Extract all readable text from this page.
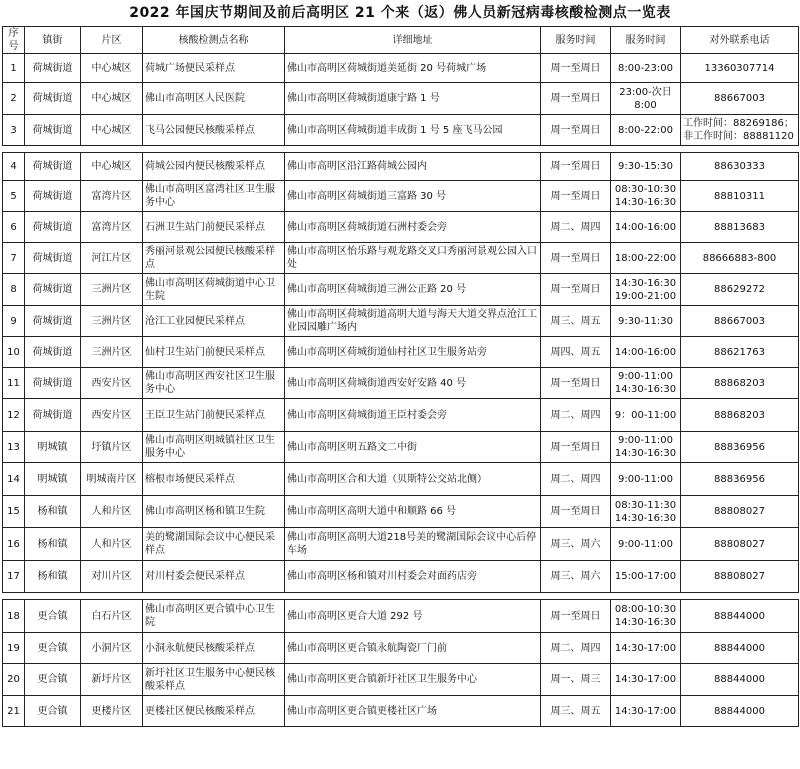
2022 年国庆节期间及前后高明区 21 个来（返）佛人员新冠病毒核酸检测点一览表
序号	镇街	片区	核酸检测点名称	详细地址	服务时间	服务时间	对外联系电话
1	荷城街道	中心城区	荷城广场便民采样点	佛山市高明区荷城街道美延街 20 号荷城广场	周一至周日	8:00-23:00	13360307714

2	荷城街道	中心城区	佛山市高明区人民医院	佛山市高明区荷城街道康宁路 1 号	周一至周日	23:00-次日
8:00	88667003

3	荷城街道	中心城区	飞马公园便民核酸采样点	佛山市高明区荷城街道丰成街 1 号 5 座飞马公园	周一至周日	8:00-22:00	工作时间：88269186；
非工作时间：88881120

4	荷城街道	中心城区	荷城公园内便民核酸采样点	佛山市高明区沿江路荷城公园内	周一至周日	9:30-15:30	88630333

5	荷城街道	富湾片区	佛山市高明区富湾社区卫生服务中心	佛山市高明区荷城街道三富路 30 号	周一至周日	08:30-10:30
14:30-16:30	88810311

6	荷城街道	富湾片区	石洲卫生站门前便民采样点	佛山市高明区荷城街道石洲村委会旁	周二、周四	14:00-16:00	88813683

7	荷城街道	河江片区	秀丽河景观公园便民核酸采样点	佛山市高明区怡乐路与观龙路交叉口秀丽河景观公园入口处	周一至周日	18:00-22:00	88666883-800

8	荷城街道	三洲片区	佛山市高明区荷城街道中心卫生院	佛山市高明区荷城街道三洲公正路 20 号	周一至周日	14:30-16:30
19:00-21:00	88629272

9	荷城街道	三洲片区	沧江工业园便民采样点	佛山市高明区荷城街道高明大道与海天大道交界点沧江工业园园雕广场内	周三、周五	9:30-11:30	88667003

10	荷城街道	三洲片区	仙村卫生站门前便民采样点	佛山市高明区荷城街道仙村社区卫生服务站旁	周四、周五	14:00-16:00	88621763

11	荷城街道	西安片区	佛山市高明区西安社区卫生服务中心	佛山市高明区荷城街道西安好安路 40 号	周一至周日	9:00-11:00
14:30-16:30	88868203

12	荷城街道	西安片区	王臣卫生站门前便民采样点	佛山市高明区荷城街道王臣村委会旁	周二、周四	9：00-11:00	88868203

13	明城镇	圩镇片区	佛山市高明区明城镇社区卫生服务中心	佛山市高明区明五路文二中街	周一至周日	9:00-11:00
14:30-16:30	88836956

14	明城镇	明城南片区	榕根市场便民采样点	佛山市高明区合和大道（贝斯特公交站北侧）	周二、周四	9:00-11:00	88836956

15	杨和镇	人和片区	佛山市高明区杨和镇卫生院	佛山市高明区高明大道中和顺路 66 号	周一至周日	08:30-11:30
14:30-16:30	88808027

16	杨和镇	人和片区	美的鹭湖国际会议中心便民采样点	佛山市高明区高明大道218号美的鹭湖国际会议中心后停车场	周三、周六	9:00-11:00	88808027

17	杨和镇	对川片区	对川村委会便民采样点	佛山市高明区杨和镇对川村委会对面药店旁	周三、周六	15:00-17:00	88808027

18	更合镇	白石片区	佛山市高明区更合镇中心卫生院	佛山市高明区更合大道 292 号	周一至周日	08:00-10:30
14:30-16:30	88844000

19	更合镇	小洞片区	小洞永航便民核酸采样点	佛山市高明区更合镇永航陶瓷厂门前	周二、周四	14:30-17:00	88844000

20	更合镇	新圩片区	新圩社区卫生服务中心便民核酸采样点	佛山市高明区更合镇新圩社区卫生服务中心	周一、周三	14:30-17:00	88844000

21	更合镇	更楼片区	更楼社区便民核酸采样点	佛山市高明区更合镇更楼社区广场	周三、周五	14:30-17:00	88844000
